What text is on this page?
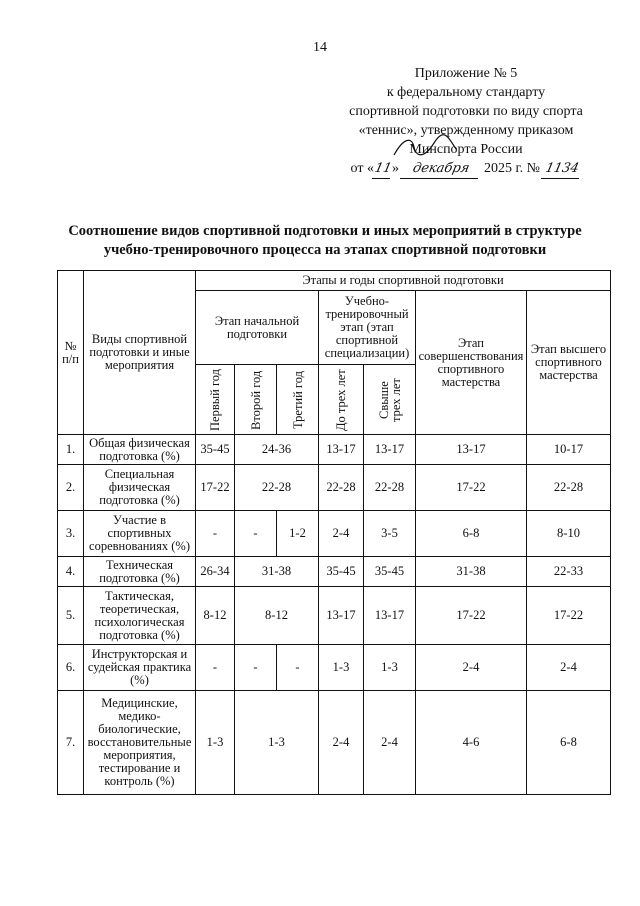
14
Приложение № 5
к федеральному стандарту
спортивной подготовки по виду спорта
«теннис», утвержденному приказом
Минспорта России
от «11» декабря 2025 г. № 1134
Соотношение видов спортивной подготовки и иных мероприятий в структуре
учебно-тренировочного процесса на этапах спортивной подготовки
№ п/п	Виды спортивной подготовки и иные мероприятия	Этапы и годы спортивной подготовки						
		Этап начальной подготовки			Учебно-тренировочный этап (этап спортивной специализации)		Этап совершенствования спортивного мастерства	Этап высшего спортивного мастерства

		Первый год	Второй год	Третий год	До трех лет	Свыше трех лет		

1.	Общая физическая подготовка (%)	35-45	24-36		13-17	13-17	13-17	10-17
2.	Специальная физическая подготовка (%)	17-22	22-28		22-28	22-28	17-22	22-28
3.	Участие в спортивных соревнованиях (%)	-	-	1-2	2-4	3-5	6-8	8-10
4.	Техническая подготовка (%)	26-34	31-38		35-45	35-45	31-38	22-33
5.	Тактическая, теоретическая, психологическая подготовка (%)	8-12	8-12		13-17	13-17	17-22	17-22
6.	Инструкторская и судейская практика (%)	-	-	-	1-3	1-3	2-4	2-4
7.	Медицинские, медико-биологические, восстановительные мероприятия, тестирование и контроль (%)	1-3	1-3		2-4	2-4	4-6	6-8
